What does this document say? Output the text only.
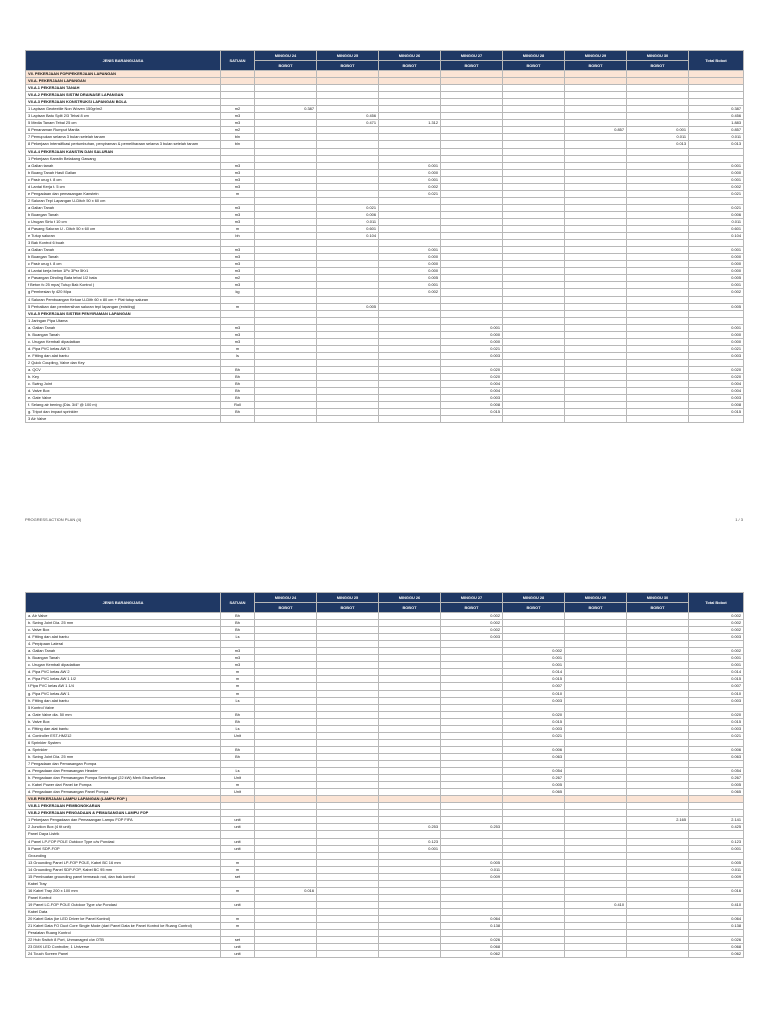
JENIS BARANG/JASA	SATUAN	MINGGU 24	MINGGU 25	MINGGU 26	MINGGU 27	MINGGU 28	MINGGU 29	MINGGU 30	Total Bobot
		BOBOT	BOBOT	BOBOT	BOBOT	BOBOT	BOBOT	BOBOT	
VII. PEKERJAAN FOP/PEKERJAAN LAPANGAN									
VII.A. PEKERJAAN LAPANGAN									
VII.A.1 PEKERJAAN TANAH									
VII.A.2 PEKERJAAN SISTIM DRAINASE LAPANGAN									
VII.A.3 PEKERJAAN KONSTRUKSI LAPANGAN BOLA									
1 Lapisan Geotextile Non Woven 150gr/m2	m2	0.387							0.387
3 Lapisan Batu Split 2/3 Tebal 8 cm	m3		0.456						0.456
5 Media Tanam Tebal 25 cm	m3		0.471	1.312					1.883
6 Penanaman Rumput Manila	m2						0.857	0.001	0.857
7 Pemupukan selama 3 bulan setelah tanam	bln							0.011	0.011
8 Pekerjaan Intensifikasi pertumbuhan, penyiraman & pemeliharaan selama 3 bulan setelah tanam	bln							0.013	0.013
VII.A.4 PEKERJAAN KANSTIN DAN SALURAN									
1 Pekerjaan Kanstin Belakang Gawang									
a Galian tanah	m3			0.001					0.001
b Buang Tanah Hasil Galian	m3			0.000					0.000
c Pasir urug t. 8 cm	m3			0.001					0.001
d Lantai Kerja t. 5 cm	m3			0.002					0.002
e Pengadaan dan pemasangan Kanstein	m			0.021					0.021
2 Saluran Tepi Lapangan U-Ditch 50 x 60 cm									
a Galian Tanah	m3		0.021						0.021
b Buangan Tanah	m3		0.006						0.006
c Urugan Sirtu t 10 cm	m3		0.011						0.011
d Pasang Saluran U - Ditch 50 x 60 cm	m		0.601						0.601
e Tutup saluran	bh		0.104						0.104
3 Bak Kontrol 6 buah									
a Galian Tanah	m3			0.001					0.001
b Buangan Tanah	m3			0.000					0.000
c Pasir urug t. 8 cm	m3			0.000					0.000
d Lantai kerja beton 1Pc 3Psr 5Kr1	m3			0.000					0.000
e Pasangan Dinding Bata tebal 1/2 bata	m2			0.005					0.005
f Beton fc 25 mpa( Tutup Bak Kontrol )	m3			0.001					0.001
g Pembesian fy 420 Mpa	kg			0.002					0.002
4 Saluran Pembuangan Keluar U-Dith 60 x 80 cm + Plat tutup saluran									
5 Perbaikan dan pembersihan saluran tepi lapangan (existing)	m		0.005						0.005
VII.A.5 PEKERJAAN SISTEM PENYIRAMAN LAPANGAN									
1 Jaringan Pipa Utama									
a. Galian Tanah	m3				0.001				0.001
b. Buangan Tanah	m3				0.000				0.000
c. Urugan Kembali dipadatkan	m3				0.000				0.000
d. Pipa PVC kelas AW 3	m				0.021				0.021
e. Fitting dan alat bantu	ls				0.003				0.003
2 Quick Coupling, Valve dan Key									
a. QCV	Bh				0.020				0.020
b. Key	Bh				0.020				0.020
c. Swing Joint	Bh				0.004				0.004
d. Valve Box	Bh				0.004				0.004
e. Gate Valve	Bh				0.003				0.003
f. Selang air bening (Dia. 3/4" @ 100 m)	Roll				0.008				0.008
g. Tripot dan impact sprinkler	Bh				0.015				0.015
3 Air Valve									
PROGRESS ACTION PLAN (4)	1 / 3
JENIS BARANG/JASA	SATUAN	MINGGU 24	MINGGU 25	MINGGU 26	MINGGU 27	MINGGU 28	MINGGU 29	MINGGU 30	Total Bobot
		BOBOT	BOBOT	BOBOT	BOBOT	BOBOT	BOBOT	BOBOT	
a. Air Valve	Bh				0.002				0.002
b. Swing Joint Dia. 25 mm	Bh				0.002				0.002
c. Valve Box	Bh				0.002				0.002
d. Fitting dan alat bantu	Ls				0.003				0.003
4. Perpipaan Lateral									
a. Galian Tanah	m3					0.002			0.002
b. Buangan Tanah	m3					0.001			0.001
c. Urugan Kembali dipadatkan	m3					0.001			0.001
d. Pipa PVC kelas AW 2	m					0.014			0.014
e. Pipa PVC kelas AW 1 1/2	m					0.015			0.015
f.Pipa PVC kelas AW 1 1/4	m					0.007			0.007
g. Pipa PVC kelas AW 1	m					0.010			0.010
h. Fitting dan alat bantu	Ls					0.003			0.003
5 Kontrol Valve									
a. Gate Valve dia. 50 mm	Bh					0.020			0.020
b. Valve Box	Bh					0.015			0.015
c. Fitting dan alat bantu	Ls					0.003			0.003
d. Controller EST-HM212	Unit					0.021			0.021
6 Sprinkler System									
a. Sprinkler	Bh					0.006			0.006
b. Swing Joint Dia. 25 mm	Bh					0.063			0.063
7 Pengadaan dan Pemasangan Pompa									
a. Pengadaan dan Pemasangan Header	Ls					0.054			0.054
b. Pengadaan dan Pemasangan Pompa Sentrifugal (22 kW) Merk Ebara/Setara	Unit					0.267			0.267
c. Kabel Power dari Panel ke Pompa	m					0.005			0.005
d. Pengadaan dan Pemasangan Panel Pompa	Unit					0.065			0.065
VII.B PEKERJAAN LAMPU LAPANGAN (LAMPU FOP )									
VII.B.1 PEKERJAAN PEMBONGKARAN									
VII.B.2 PEKERJAAN PENGADAAN & PEMASANGAN LAMPU FOP									
1 Pekerjaan Pengadaan dan Pemasangan Lampu FOP FIFA	unit							2.165	2.141
2 Junction Box (4 tit unit)	unit			0.253	0.253				0.425
Panel Daya Listrik									
4 Panel LP-FOP POLE Outdoor Type c/w Pondasi	unit			0.123					0.123
5 Panel SDP-FOP	unit			0.001					0.001
Grounding									
13 Grounding Panel LP-FOP POLE, Kabel BC 16 mm	m				0.005				0.005
14 Grounding Panel SDP-FOP, Kabel BC 95 mm	m				0.011				0.011
15 Pembuatan grounding panel termasuk rod, dan bak kontrol	set				0.009				0.009
Kabel Tray									
16 Kabel Tray 200 x 100 mm	m	0.016							0.016
Panel Kontrol									
19 Panel LC-FOP POLE Outdoor Type c/w Pondasi	unit						0.410		0.410
Kabel Data									
20 Kabel Data (ke LED Driver ke Panel Kontrol)	m				0.064				0.064
21 Kabel Data FO Duct Core Single Mode (dari Panel Data ke Panel Kontrol ke Ruang Control)	m				0.138				0.138
Peralatan Ruang Kontrol									
22 Hub Switch 8 Port, Unmanaged c/w OTB	set				0.026				0.026
23 DMX LED Controller, 1 Universe	unit				0.068				0.068
24 Touch Screen Panel	unit				0.062				0.062
